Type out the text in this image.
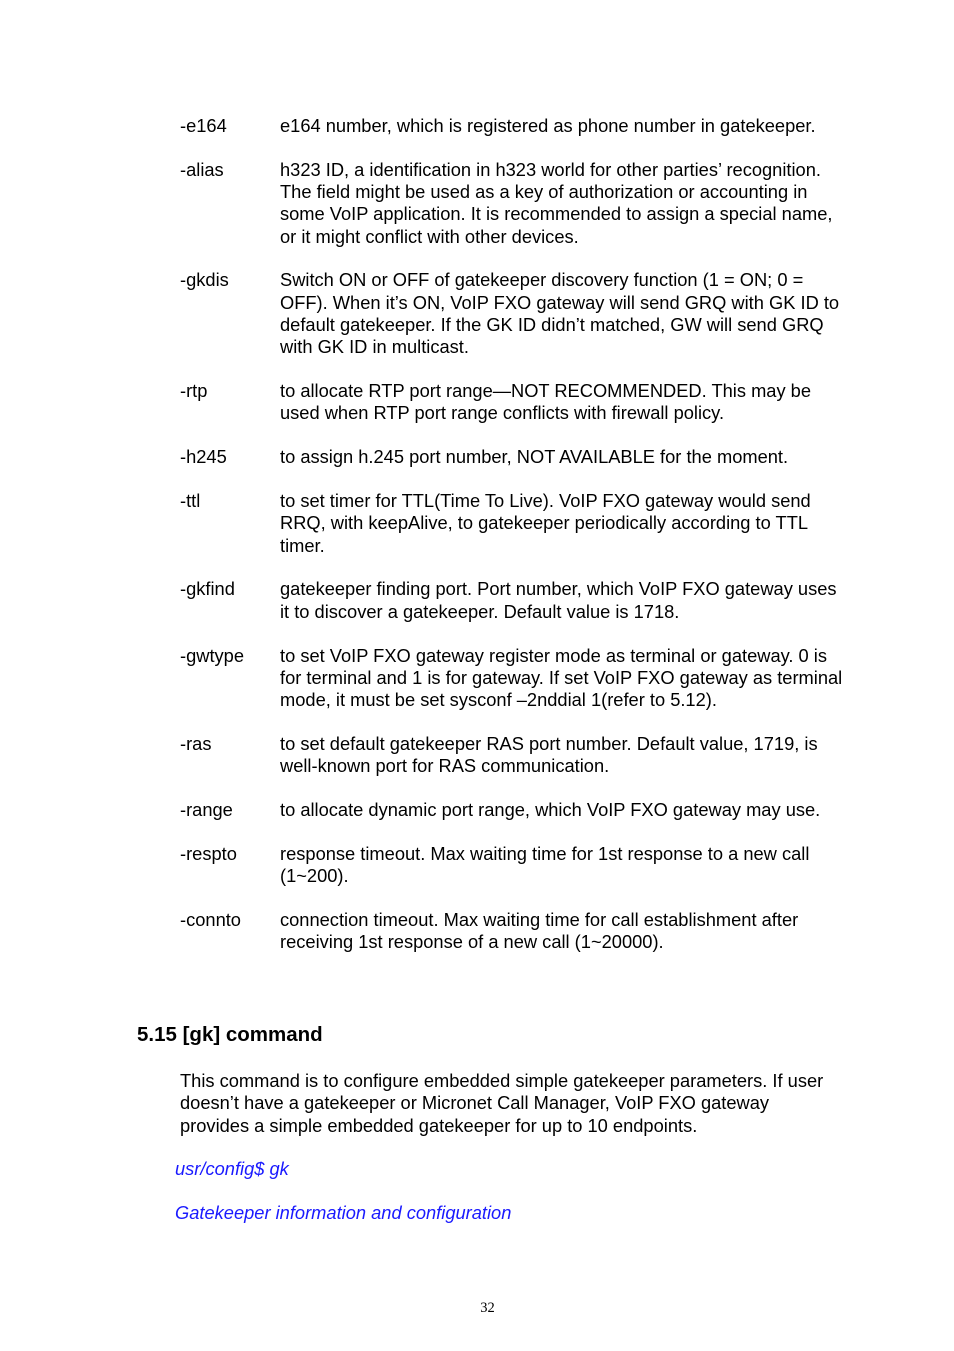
-e164	e164 number, which is registered as phone number in gatekeeper.
-alias	h323 ID, a identification in h323 world for other parties’ recognition. The field might be used as a key of authorization or accounting in some VoIP application. It is recommended to assign a special name, or it might conflict with other devices.
-gkdis	Switch ON or OFF of gatekeeper discovery function (1 = ON; 0 = OFF). When it’s ON, VoIP FXO gateway will send GRQ with GK ID to default gatekeeper. If the GK ID didn’t matched, GW will send GRQ with GK ID in multicast.
-rtp	to allocate RTP port range—NOT RECOMMENDED. This may be used when RTP port range conflicts with firewall policy.
-h245	to assign h.245 port number, NOT AVAILABLE for the moment.
-ttl	to set timer for TTL(Time To Live). VoIP FXO gateway would send RRQ, with keepAlive, to gatekeeper periodically according to TTL timer.
-gkfind	gatekeeper finding port. Port number, which VoIP FXO gateway uses it to discover a gatekeeper. Default value is 1718.
-gwtype	to set VoIP FXO gateway register mode as terminal or gateway. 0 is for terminal and 1 is for gateway. If set VoIP FXO gateway as terminal mode, it must be set sysconf –2nddial 1(refer to 5.12).
-ras	to set default gatekeeper RAS port number. Default value, 1719, is well-known port for RAS communication.
-range	to allocate dynamic port range, which VoIP FXO gateway may use.
-respto	response timeout. Max waiting time for 1st response to a new call (1~200).
-connto	connection timeout. Max waiting time for call establishment after receiving 1st response of a new call (1~20000).
5.15 [gk] command

This command is to configure embedded simple gatekeeper parameters. If user doesn’t have a gatekeeper or Micronet Call Manager, VoIP FXO gateway provides a simple embedded gatekeeper for up to 10 endpoints.

usr/config$ gk

Gatekeeper information and configuration

32
